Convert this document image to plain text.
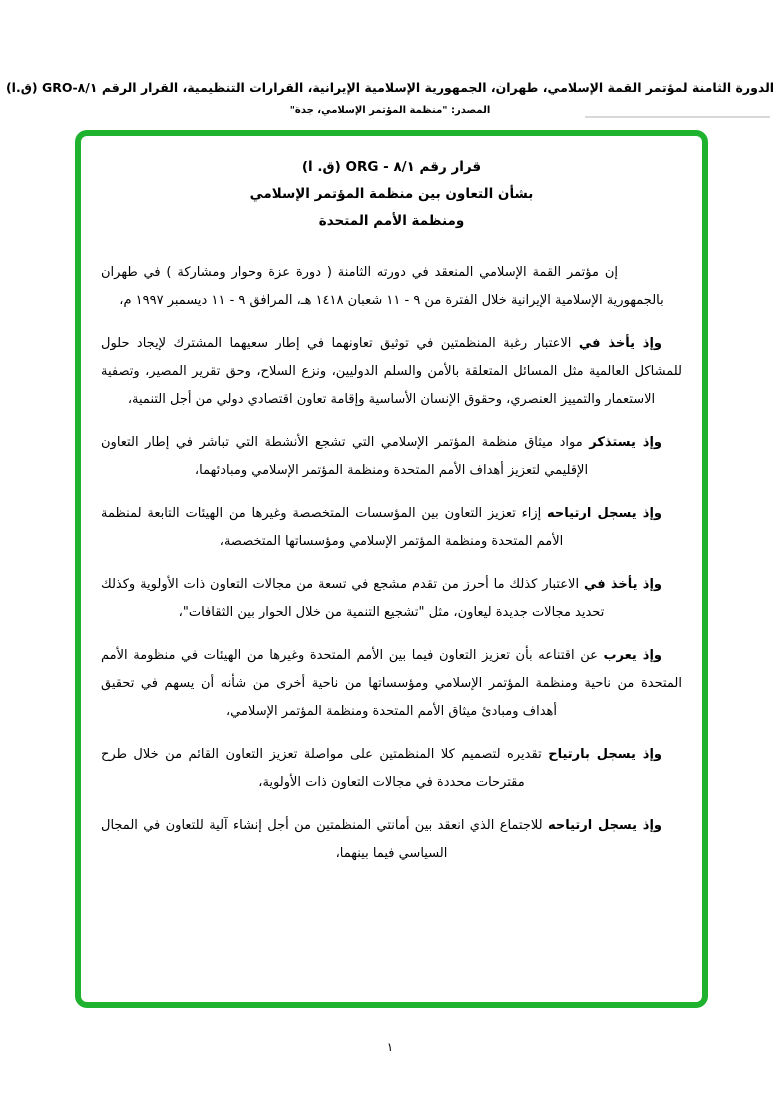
الدورة الثامنة لمؤتمر القمة الإسلامي، طهران، الجمهورية الإسلامية الإيرانية، القرارات التنظيمية، القرار الرقم ٨/١-GRO (ق.ا)
المصدر: "منظمة المؤتمر الإسلامي، جدة"
قرار رقم ٨/١ - ORG (ق. ا)
بشأن التعاون بين منظمة المؤتمر الإسلامي
ومنظمة الأمم المتحدة

إن مؤتمر القمة الإسلامي المنعقد في دورته الثامنة ( دورة عزة وحوار ومشاركة ) في طهران بالجمهورية الإسلامية الإيرانية خلال الفترة من ٩ - ١١ شعبان ١٤١٨ هـ، المرافق ٩ - ١١ ديسمبر ١٩٩٧ م،

وإذ يأخذ في الاعتبار رغبة المنظمتين في توثيق تعاونهما في إطار سعيهما المشترك لإيجاد حلول للمشاكل العالمية مثل المسائل المتعلقة بالأمن والسلم الدوليين، ونزع السلاح، وحق تقرير المصير، وتصفية الاستعمار والتمييز العنصري، وحقوق الإنسان الأساسية وإقامة تعاون اقتصادي دولي من أجل التنمية،

وإذ يستذكر مواد ميثاق منظمة المؤتمر الإسلامي التي تشجع الأنشطة التي تباشر في إطار التعاون الإقليمي لتعزيز أهداف الأمم المتحدة ومنظمة المؤتمر الإسلامي ومبادئهما،

وإذ يسجل ارتياحه إزاء تعزيز التعاون بين المؤسسات المتخصصة وغيرها من الهيئات التابعة لمنظمة الأمم المتحدة ومنظمة المؤتمر الإسلامي ومؤسساتها المتخصصة،

وإذ يأخذ في الاعتبار كذلك ما أحرز من تقدم مشجع في تسعة من مجالات التعاون ذات الأولوية وكذلك تحديد مجالات جديدة ليعاون، مثل "تشجيع التنمية من خلال الحوار بين الثقافات"،

وإذ يعرب عن اقتناعه بأن تعزيز التعاون فيما بين الأمم المتحدة وغيرها من الهيئات في منظومة الأمم المتحدة من ناحية ومنظمة المؤتمر الإسلامي ومؤسساتها من ناحية أخرى من شأنه أن يسهم في تحقيق أهداف ومبادئ ميثاق الأمم المتحدة ومنظمة المؤتمر الإسلامي،

وإذ يسجل بارتياح تقديره لتصميم كلا المنظمتين على مواصلة تعزيز التعاون القائم من خلال طرح مقترحات محددة في مجالات التعاون ذات الأولوية،

وإذ يسجل ارتياحه للاجتماع الذي انعقد بين أمانتي المنظمتين من أجل إنشاء آلية للتعاون في المجال السياسي فيما بينهما،

١
